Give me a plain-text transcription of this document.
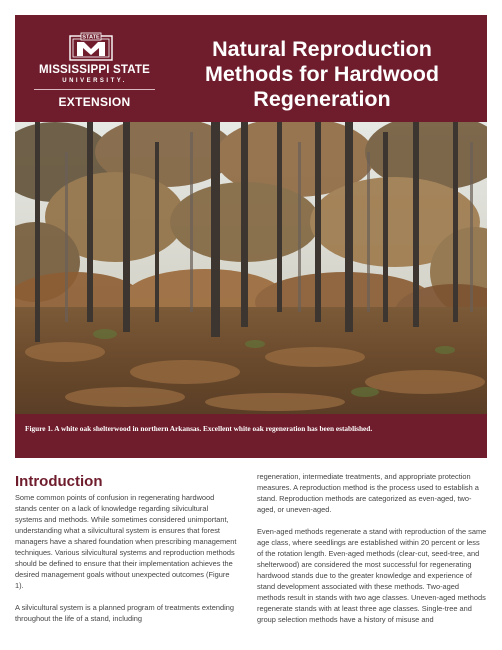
STATE
MISSISSIPPI STATE
UNIVERSITY.
EXTENSION
Natural Reproduction
Methods for Hardwood
Regeneration
Figure 1. A white oak shelterwood in northern Arkansas. Excellent white oak regeneration has been established.
Introduction

Some common points of confusion in regenerating hardwood stands center on a lack of knowledge regarding silvicultural systems and methods. While sometimes considered unimportant, understanding what a silvicultural system is ensures that forest managers have a shared foundation when prescribing management techniques. Various silvicultural systems and reproduction methods should be defined to ensure that their implementation achieves the desired management goals without unexpected outcomes (Figure 1).

A silvicultural system is a planned program of treatments extending throughout the life of a stand, including

regeneration, intermediate treatments, and appropriate protection measures. A reproduction method is the process used to establish a stand. Reproduction methods are categorized as even-aged, two-aged, or uneven-aged.

Even-aged methods regenerate a stand with reproduction of the same age class, where seedlings are established within 20 percent or less of the rotation length. Even-aged methods (clear-cut, seed-tree, and shelterwood) are considered the most successful for regenerating hardwood stands due to the greater knowledge and experience of stand development associated with these methods. Two-aged methods result in stands with two age classes. Uneven-aged methods regenerate stands with at least three age classes. Single-tree and group selection methods have a history of misuse and
